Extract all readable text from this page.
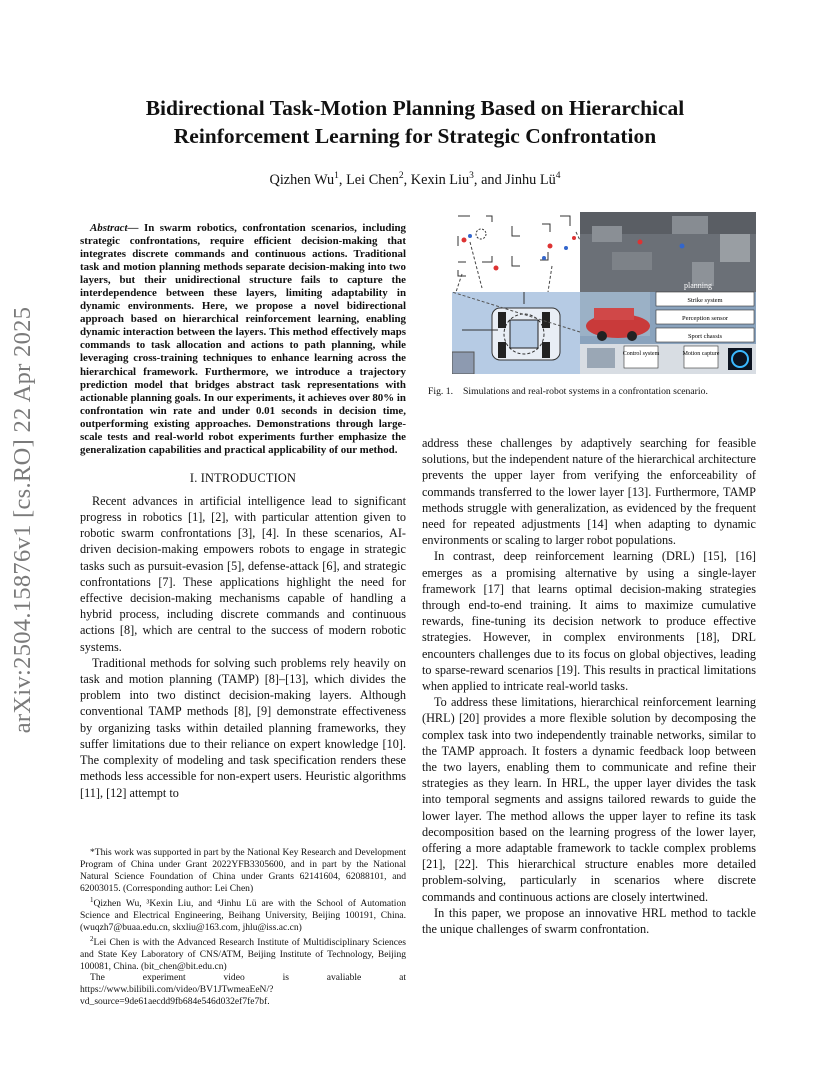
arXiv:2504.15876v1 [cs.RO] 22 Apr 2025
Bidirectional Task-Motion Planning Based on Hierarchical
Reinforcement Learning for Strategic Confrontation
Qizhen Wu$^1$, Lei Chen$^2$, Kexin Liu$^3$, and Jinhu $Lü^4$

Abstract— In swarm robotics, confrontation scenarios, including strategic confrontations, require efficient decision-making that integrates discrete commands and continuous actions. Traditional task and motion planning methods separate decision-making into two layers, but their unidirectional structure fails to capture the interdependence between these layers, limiting adaptability in dynamic environments. Here, we propose a novel bidirectional approach based on hierarchical reinforcement learning, enabling dynamic interaction between the layers. This method effectively maps commands to task allocation and actions to path planning, while leveraging cross-training techniques to enhance learning across the hierarchical framework. Furthermore, we introduce a trajectory prediction model that bridges abstract task representations with actionable planning goals. In our experiments, it achieves over 80% in confrontation win rate and under 0.01 seconds in decision time, outperforming existing approaches. Demonstrations through large-scale tests and real-world robot experiments further emphasize the generalization capabilities and practical applicability of our method.

I. INTRODUCTION

Recent advances in artificial intelligence lead to significant progress in robotics [1], [2], with particular attention given to robotic swarm confrontations [3], [4]. In these scenarios, AI-driven decision-making empowers robots to engage in strategic tasks such as pursuit-evasion [5], defense-attack [6], and strategic confrontations [7]. These applications highlight the need for effective decision-making mechanisms capable of handling a hybrid process, including discrete commands and continuous actions [8], which are central to the success of modern robotic systems.

Traditional methods for solving such problems rely heavily on task and motion planning (TAMP) [8]–[13], which divides the problem into two distinct decision-making layers. Although conventional TAMP methods [8], [9] demonstrate effectiveness by organizing tasks within detailed planning frameworks, they suffer limitations due to their reliance on expert knowledge [10]. The complexity of modeling and task specification renders these methods less accessible for non-expert users. Heuristic algorithms [11], [12] attempt to

*This work was supported in part by the National Key Research and Development Program of China under Grant 2022YFB3305600, and in part by the National Natural Science Foundation of China under Grants 62141604, 62088101, and 62003015. (Corresponding author: Lei Chen)

$^1$Qizhen Wu, ³Kexin Liu, and ⁴Jinhu Lü are with the School of Automation Science and Electrical Engineering, Beihang University, Beijing 100191, China. (wuqzh7@buaa.edu.cn, skxliu@163.com, jhlu@iss.ac.cn)

$^2$Lei Chen is with the Advanced Research Institute of Multidisciplinary Sciences and State Key Laboratory of CNS/ATM, Beijing Institute of Technology, Beijing 100081, China. (bit_chen@bit.edu.cn)

The experiment video is avaliable at https://www.bilibili.com/video/BV1JTwmeaEeN/?vd_source=9de61aecdd9fb684e546d032ef7fe7bf.

planning
Strike system
Perception sensor
Sport chassis
Control system	Motion capture
Fig. 1. Simulations and real-robot systems in a confrontation scenario.

address these challenges by adaptively searching for feasible solutions, but the independent nature of the hierarchical architecture prevents the upper layer from verifying the enforceability of commands transferred to the lower layer [13]. Furthermore, TAMP methods struggle with generalization, as evidenced by the frequent need for repeated adjustments [14] when adapting to dynamic environments or scaling to larger robot populations.

In contrast, deep reinforcement learning (DRL) [15], [16] emerges as a promising alternative by using a single-layer framework [17] that learns optimal decision-making strategies through end-to-end training. It aims to maximize cumulative rewards, fine-tuning its decision network to produce effective strategies. However, in complex environments [18], DRL encounters challenges due to its focus on global objectives, leading to sparse-reward scenarios [19]. This results in practical limitations when applied to intricate real-world tasks.

To address these limitations, hierarchical reinforcement learning (HRL) [20] provides a more flexible solution by decomposing the complex task into two independently trainable networks, similar to the TAMP approach. It fosters a dynamic feedback loop between the two layers, enabling them to communicate and refine their strategies as they learn. In HRL, the upper layer divides the task into temporal segments and assigns tailored rewards to guide the lower layer. The method allows the upper layer to refine its task decomposition based on the learning progress of the lower layer, offering a more adaptable framework to tackle complex problems [21], [22]. This hierarchical structure enables more detailed problem-solving, particularly in scenarios where discrete commands and continuous actions are closely intertwined.

In this paper, we propose an innovative HRL method to tackle the unique challenges of swarm confrontation.
